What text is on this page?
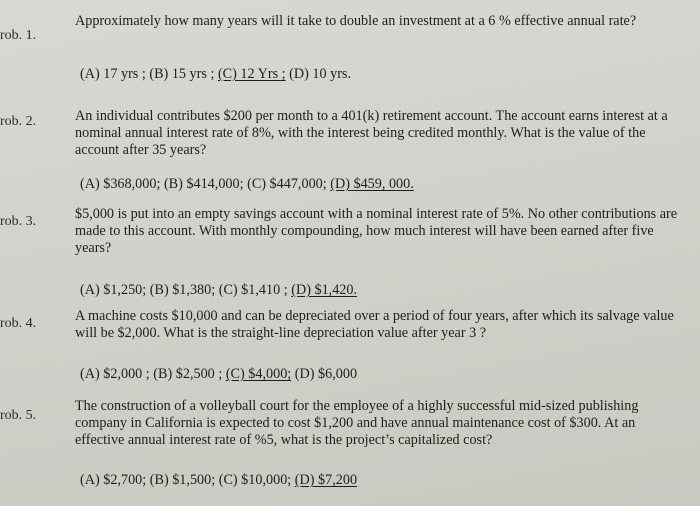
rob. 1.
Approximately how many years will it take to double an investment at a 6 % effective annual rate?
(A) 17 yrs ; (B) 15 yrs ; (C) 12 Yrs ; (D) 10 yrs.
rob. 2.	An individual contributes $200 per month to a 401(k) retirement account. The account earns interest at a nominal annual interest rate of 8%, with the interest being credited monthly. What is the value of the account after 35 years?
(A) $368,000; (B) $414,000; (C) $447,000; (D) $459, 000.
rob. 3.	$5,000 is put into an empty savings account with a nominal interest rate of 5%. No other contributions are made to this account. With monthly compounding, how much interest will have been earned after five years?
(A) $1,250; (B) $1,380; (C) $1,410 ; (D) $1,420.
rob. 4.	A machine costs $10,000 and can be depreciated over a period of four years, after which its salvage value will be $2,000. What is the straight-line depreciation value after year 3 ?
(A) $2,000 ; (B) $2,500 ; (C) $4,000; (D) $6,000
rob. 5.
The construction of a volleyball court for the employee of a highly successful mid-sized publishing company in California is expected to cost $1,200 and have annual maintenance cost of $300. At an effective annual interest rate of %5, what is the project’s capitalized cost?
(A) $2,700; (B) $1,500; (C) $10,000; (D) $7,200
